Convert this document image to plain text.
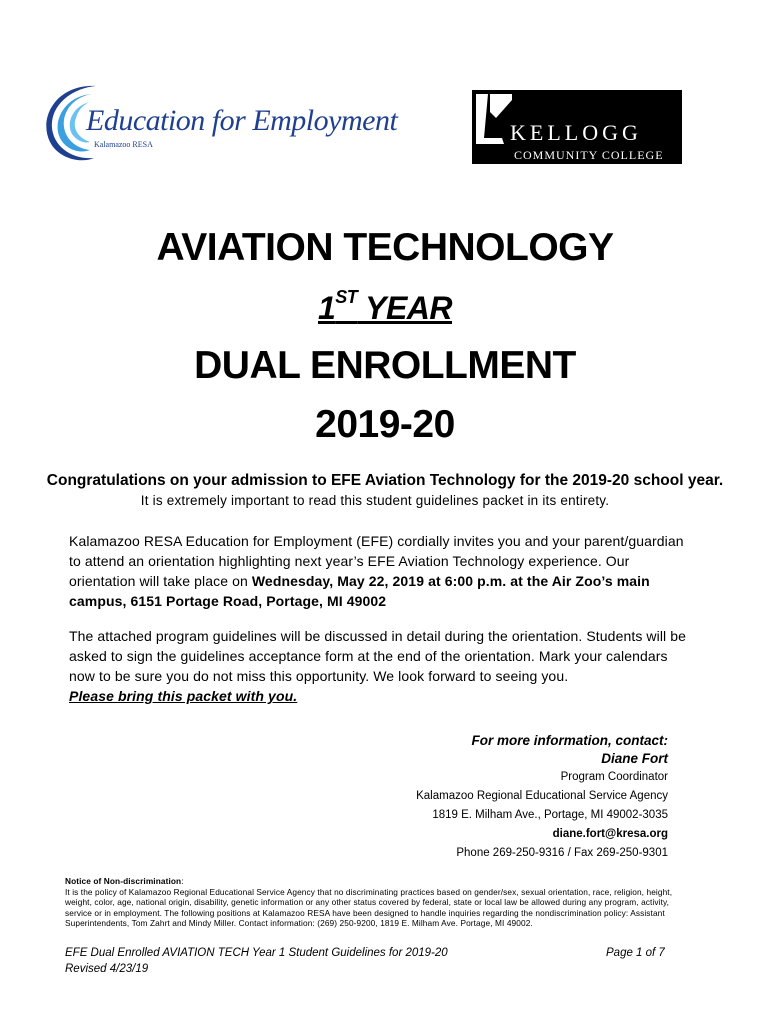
Education for Employment
Kalamazoo RESA	KELLOGG
COMMUNITY COLLEGE
AVIATION TECHNOLOGY
1ST YEAR
DUAL ENROLLMENT
2019-20
Congratulations on your admission to EFE Aviation Technology for the 2019-20 school year.
It is extremely important to read this student guidelines packet in its entirety.
Kalamazoo RESA Education for Employment (EFE) cordially invites you and your parent/guardian to attend an orientation highlighting next year’s EFE Aviation Technology experience. Our orientation will take place on Wednesday, May 22, 2019 at 6:00 p.m. at the Air Zoo’s main campus, 6151 Portage Road, Portage, MI 49002
The attached program guidelines will be discussed in detail during the orientation. Students will be asked to sign the guidelines acceptance form at the end of the orientation. Mark your calendars now to be sure you do not miss this opportunity. We look forward to seeing you.
Please bring this packet with you.
For more information, contact:
Diane Fort
Program Coordinator
Kalamazoo Regional Educational Service Agency
1819 E. Milham Ave., Portage, MI 49002-3035
diane.fort@kresa.org
Phone 269-250-9316 / Fax 269-250-9301
Notice of Non-discrimination:
It is the policy of Kalamazoo Regional Educational Service Agency that no discriminating practices based on gender/sex, sexual orientation, race, religion, height, weight, color, age, national origin, disability, genetic information or any other status covered by federal, state or local law be allowed during any program, activity, service or in employment. The following positions at Kalamazoo RESA have been designed to handle inquiries regarding the nondiscrimination policy: Assistant Superintendents, Tom Zahrt and Mindy Miller. Contact information: (269) 250-9200, 1819 E. Milham Ave. Portage, MI 49002.
EFE Dual Enrolled AVIATION TECH Year 1 Student Guidelines for 2019-20
Revised 4/23/19
Page 1 of 7
